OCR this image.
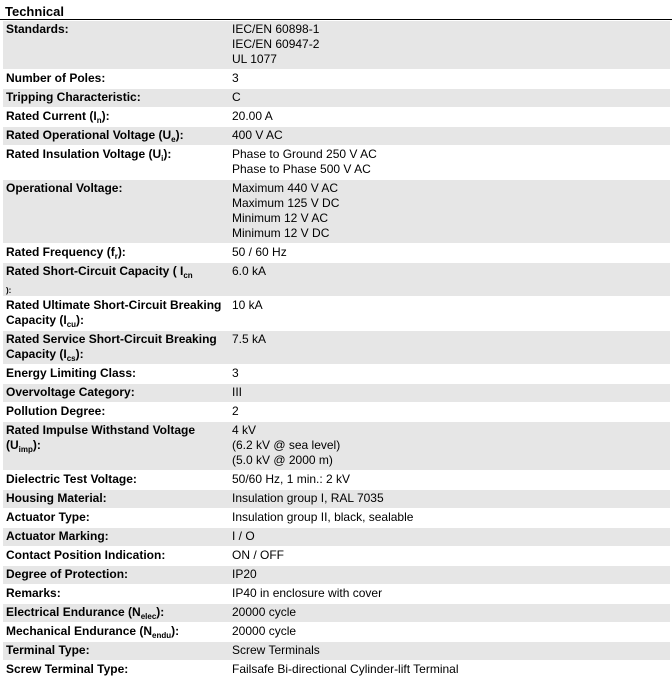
Technical
Standards:	IEC/EN 60898-1
IEC/EN 60947-2
UL 1077

Number of Poles:	3

Tripping Characteristic:	C

Rated Current $(I_n)$:	20.00 A

Rated Operational Voltage $(U_e)$:	400 V AC

Rated Insulation Voltage $(U_i)$:	Phase to Ground 250 V AC
Phase to Phase 500 V AC

Operational Voltage:	Maximum 440 V AC
Maximum 125 V DC
Minimum 12 V AC
Minimum 12 V DC

Rated Frequency $(f_r)$:	50 / 60 Hz

Rated Short-Circuit Capacity ( $I_{cn}$
$_{):}$	6.0 kA

Rated Ultimate Short-Circuit Breaking Capacity $(I_{cu})$:	10 kA

Rated Service Short-Circuit Breaking Capacity $(I_{cs})$:	7.5 kA

Energy Limiting Class:	3

Overvoltage Category:	III

Pollution Degree:	2

Rated Impulse Withstand Voltage $(U_{imp})$:	4 kV
(6.2 kV @ sea level)
(5.0 kV @ 2000 m)

Dielectric Test Voltage:	50/60 Hz, 1 min.: 2 kV

Housing Material:	Insulation group I, RAL 7035

Actuator Type:	Insulation group II, black, sealable

Actuator Marking:	I / O

Contact Position Indication:	ON / OFF

Degree of Protection:	IP20

Remarks:	IP40 in enclosure with cover

Electrical Endurance $(N_{elec})$:	20000 cycle

Mechanical Endurance $(N_{endu})$:	20000 cycle

Terminal Type:	Screw Terminals

Screw Terminal Type:	Failsafe Bi-directional Cylinder-lift Terminal
